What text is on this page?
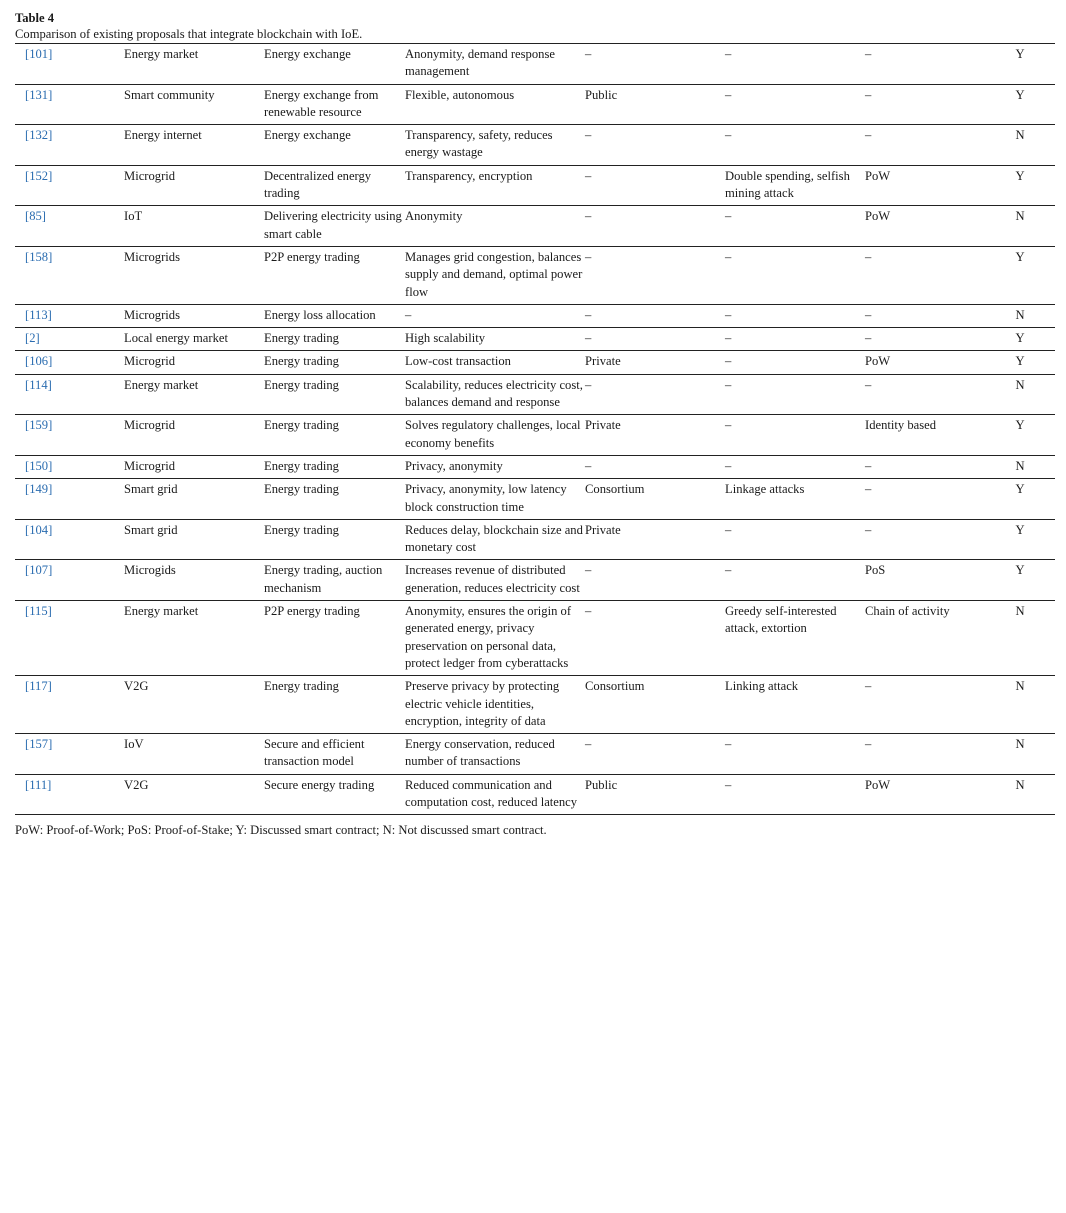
Table 4
Comparison of existing proposals that integrate blockchain with IoE.
[101]	Energy market	Energy exchange	Anonymity, demand response management	–	–	–	Y
[131]	Smart community	Energy exchange from renewable resource	Flexible, autonomous	Public	–	–	Y
[132]	Energy internet	Energy exchange	Transparency, safety, reduces energy wastage	–	–	–	N
[152]	Microgrid	Decentralized energy trading	Transparency, encryption	–	Double spending, selfish mining attack	PoW	Y
[85]	IoT	Delivering electricity using smart cable	Anonymity	–	–	PoW	N
[158]	Microgrids	P2P energy trading	Manages grid congestion, balances supply and demand, optimal power flow	–	–	–	Y
[113]	Microgrids	Energy loss allocation	–	–	–	–	N
[2]	Local energy market	Energy trading	High scalability	–	–	–	Y
[106]	Microgrid	Energy trading	Low-cost transaction	Private	–	PoW	Y
[114]	Energy market	Energy trading	Scalability, reduces electricity cost, balances demand and response	–	–	–	N
[159]	Microgrid	Energy trading	Solves regulatory challenges, local economy benefits	Private	–	Identity based	Y
[150]	Microgrid	Energy trading	Privacy, anonymity	–	–	–	N
[149]	Smart grid	Energy trading	Privacy, anonymity, low latency block construction time	Consortium	Linkage attacks	–	Y
[104]	Smart grid	Energy trading	Reduces delay, blockchain size and monetary cost	Private	–	–	Y
[107]	Microgids	Energy trading, auction mechanism	Increases revenue of distributed generation, reduces electricity cost	–	–	PoS	Y
[115]	Energy market	P2P energy trading	Anonymity, ensures the origin of generated energy, privacy preservation on personal data, protect ledger from cyberattacks	–	Greedy self-interested attack, extortion	Chain of activity	N
[117]	V2G	Energy trading	Preserve privacy by protecting electric vehicle identities, encryption, integrity of data	Consortium	Linking attack	–	N
[157]	IoV	Secure and efficient transaction model	Energy conservation, reduced number of transactions	–	–	–	N
[111]	V2G	Secure energy trading	Reduced communication and computation cost, reduced latency	Public	–	PoW	N
PoW: Proof-of-Work; PoS: Proof-of-Stake; Y: Discussed smart contract; N: Not discussed smart contract.
